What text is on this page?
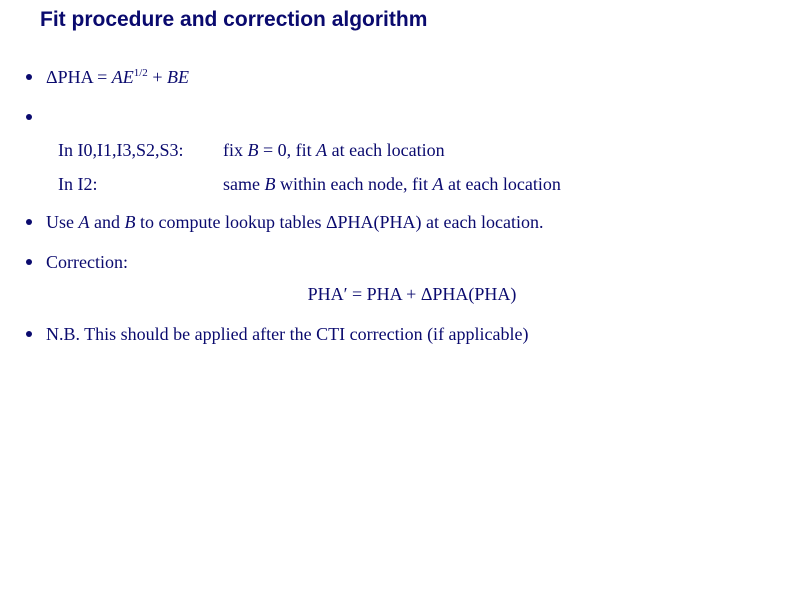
Fit procedure and correction algorithm
$\Delta PHA = AE^{1/2}$ + BE
In I0,I1,I3,S2,S3: fix B = 0, fit A at each location
In I2:	same B within each node, fit A at each location
Use A and B to compute lookup tables ΔPHA(PHA) at each location.
Correction:
PHA′ = PHA + ΔPHA(PHA)
N.B. This should be applied after the CTI correction (if applicable)
